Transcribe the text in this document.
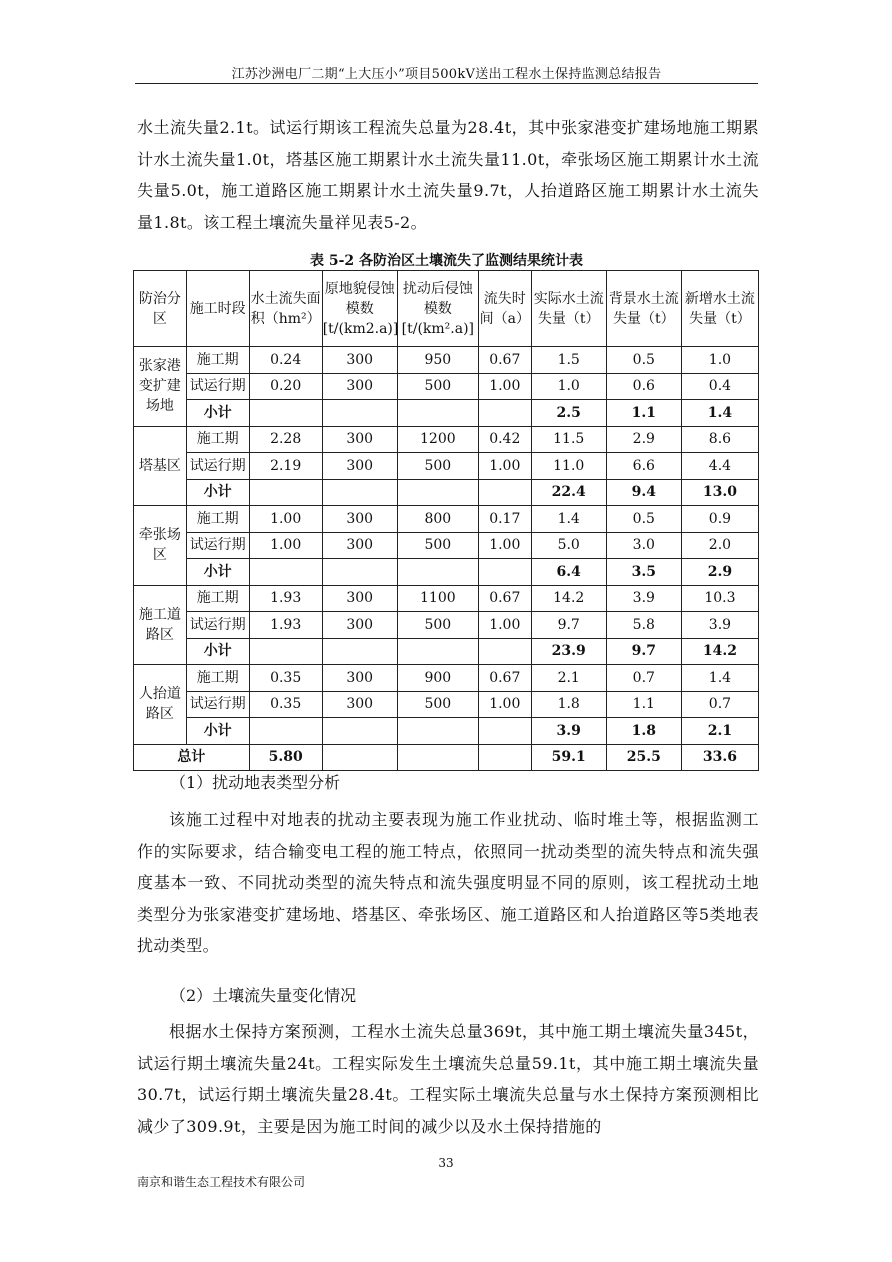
江苏沙洲电厂二期“上大压小”项目500kV送出工程水土保持监测总结报告

水土流失量2.1t。试运行期该工程流失总量为28.4t，其中张家港变扩建场地施工期累计水土流失量1.0t，塔基区施工期累计水土流失量11.0t，牵张场区施工期累计水土流失量5.0t，施工道路区施工期累计水土流失量9.7t，人抬道路区施工期累计水土流失量1.8t。该工程土壤流失量祥见表5-2。

表 5-2 各防治区土壤流失了监测结果统计表
防治分区	施工时段	水土流失面积（hm²）	原地貌侵蚀模数[t/(km2.a)]	扰动后侵蚀模数[t/(km².a)]	流失时间（a）	实际水土流失量（t）	背景水土流失量（t）	新增水土流失量（t）
张家港变扩建场地	施工期	0.24	300	950	0.67	1.5	0.5	1.0
	试运行期	0.20	300	500	1.00	1.0	0.6	0.4
	小计					2.5	1.1	1.4
塔基区	施工期	2.28	300	1200	0.42	11.5	2.9	8.6
	试运行期	2.19	300	500	1.00	11.0	6.6	4.4
	小计					22.4	9.4	13.0
牵张场区	施工期	1.00	300	800	0.17	1.4	0.5	0.9
	试运行期	1.00	300	500	1.00	5.0	3.0	2.0
	小计					6.4	3.5	2.9
施工道路区	施工期	1.93	300	1100	0.67	14.2	3.9	10.3
	试运行期	1.93	300	500	1.00	9.7	5.8	3.9
	小计					23.9	9.7	14.2
人抬道路区	施工期	0.35	300	900	0.67	2.1	0.7	1.4
	试运行期	0.35	300	500	1.00	1.8	1.1	0.7
	小计					3.9	1.8	2.1
总计		5.80				59.1	25.5	33.6
（1）扰动地表类型分析

该施工过程中对地表的扰动主要表现为施工作业扰动、临时堆土等，根据监测工作的实际要求，结合输变电工程的施工特点，依照同一扰动类型的流失特点和流失强度基本一致、不同扰动类型的流失特点和流失强度明显不同的原则，该工程扰动土地类型分为张家港变扩建场地、塔基区、牵张场区、施工道路区和人抬道路区等5类地表扰动类型。

（2）土壤流失量变化情况

根据水土保持方案预测，工程水土流失总量369t，其中施工期土壤流失量345t，试运行期土壤流失量24t。工程实际发生土壤流失总量59.1t，其中施工期土壤流失量30.7t，试运行期土壤流失量28.4t。工程实际土壤流失总量与水土保持方案预测相比减少了309.9t，主要是因为施工时间的减少以及水土保持措施的

33
南京和谐生态工程技术有限公司
